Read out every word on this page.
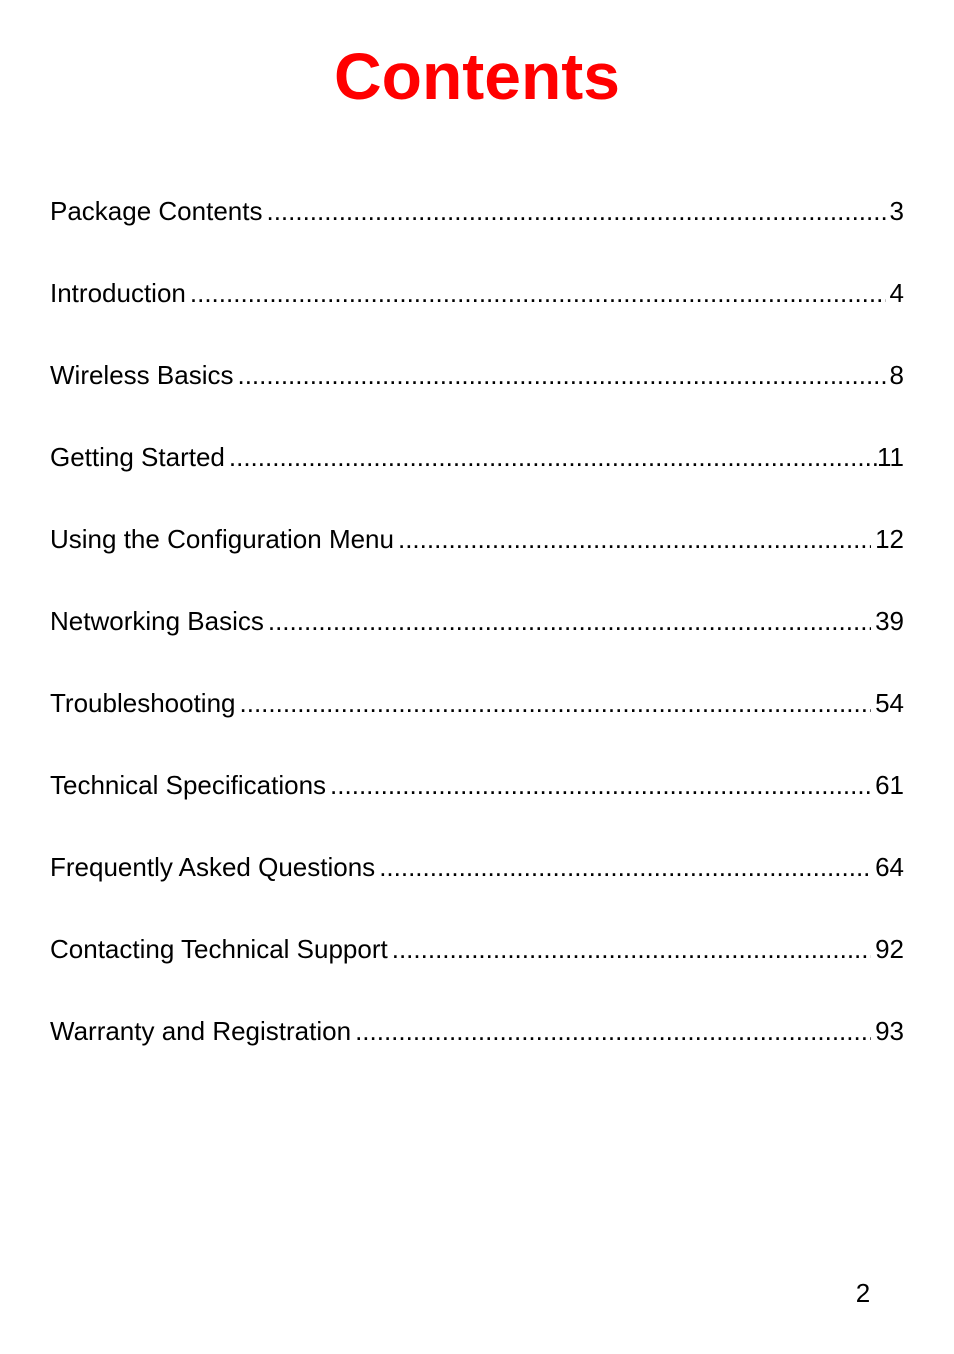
Contents
Package Contents .....	3
Introduction .....	4
Wireless Basics .....	8
Getting Started .....	11
Using the Configuration Menu .....	12
Networking Basics .....	39
Troubleshooting .....	54
Technical Specifications .....	61
Frequently Asked Questions .....	64
Contacting Technical Support .....	92
Warranty and Registration .....	93
2
